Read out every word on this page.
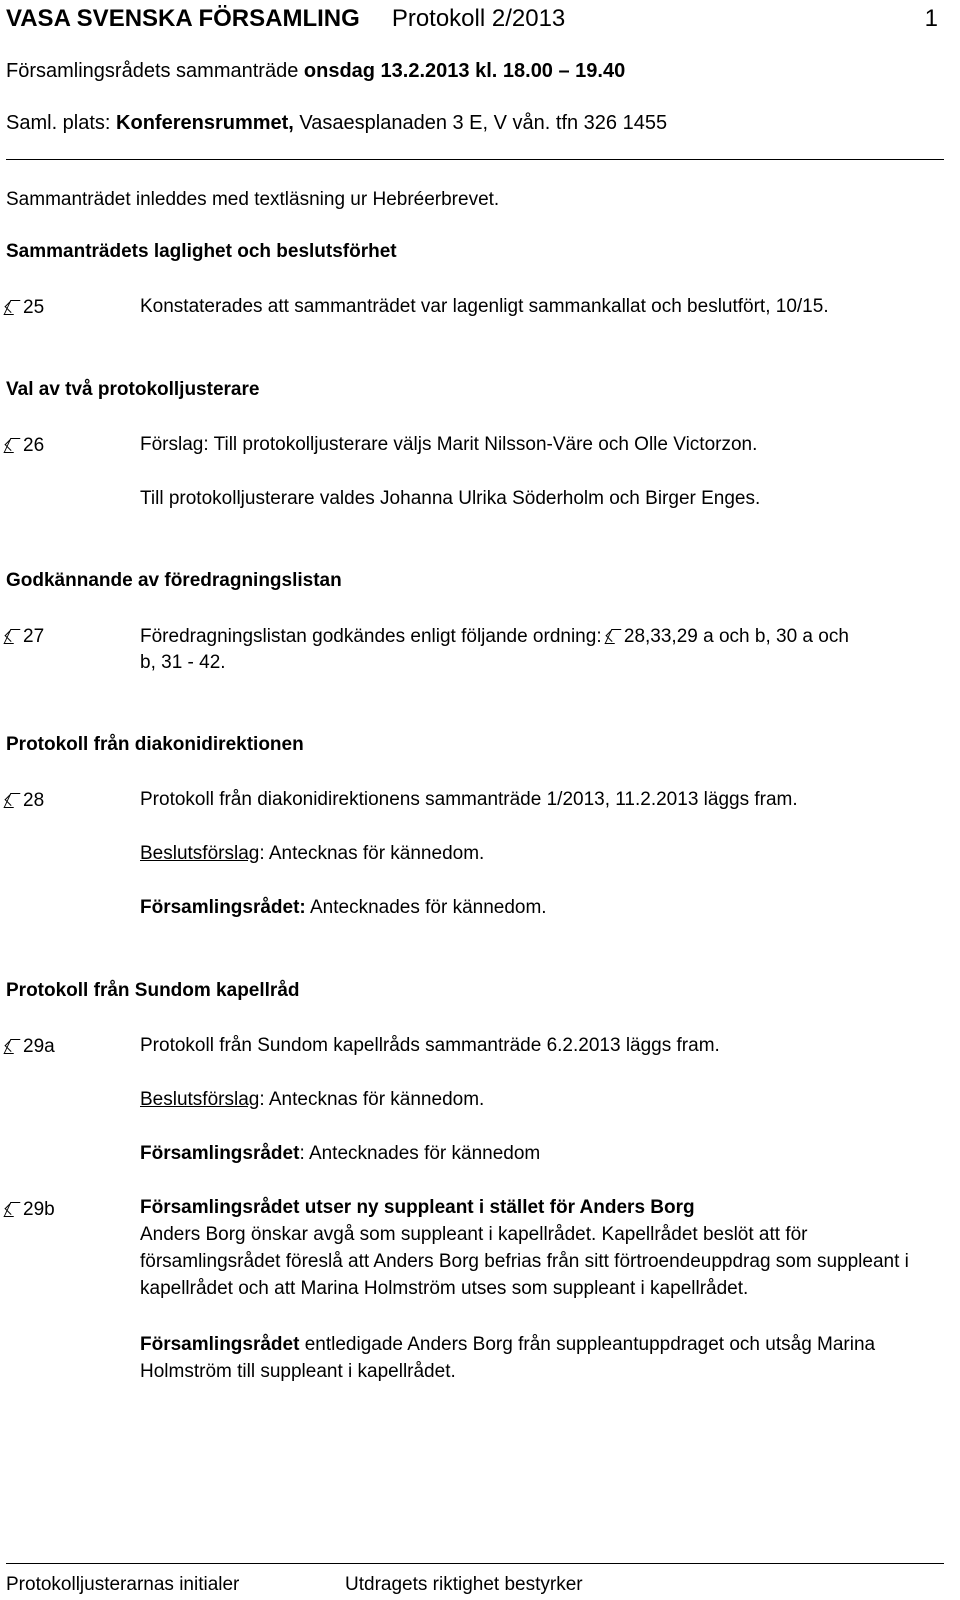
VASA SVENSKA FÖRSAMLING Protokoll 2/2013	1
Församlingsrådets sammanträde onsdag 13.2.2013 kl. 18.00 – 19.40
Saml. plats: Konferensrummet, Vasaesplanaden 3 E, V vån. tfn 326 1455
Sammanträdet inleddes med textläsning ur Hebréerbrevet.
Sammanträdets laglighet och beslutsförhet
25	Konstaterades att sammanträdet var lagenligt sammankallat och beslutfört, 10/15.
Val av två protokolljusterare
26	Förslag: Till protokolljusterare väljs Marit Nilsson-Väre och Olle Victorzon.
Till protokolljusterare valdes Johanna Ulrika Söderholm och Birger Enges.
Godkännande av föredragningslistan
27	Föredragningslistan godkändes enligt följande ordning: 28,33,29 a och b, 30 a och
b, 31 - 42.
Protokoll från diakonidirektionen
28	Protokoll från diakonidirektionens sammanträde 1/2013, 11.2.2013 läggs fram.
Beslutsförslag: Antecknas för kännedom.
Församlingsrådet: Antecknades för kännedom.
Protokoll från Sundom kapellråd
29a	Protokoll från Sundom kapellråds sammanträde 6.2.2013 läggs fram.
Beslutsförslag: Antecknas för kännedom.
Församlingsrådet: Antecknades för kännedom
29b	Församlingsrådet utser ny suppleant i stället för Anders Borg
Anders Borg önskar avgå som suppleant i kapellrådet. Kapellrådet beslöt att för församlingsrådet föreslå att Anders Borg befrias från sitt förtroendeuppdrag som suppleant i kapellrådet och att Marina Holmström utses som suppleant i kapellrådet.
Församlingsrådet entledigade Anders Borg från suppleantuppdraget och utsåg Marina Holmström till suppleant i kapellrådet.
Protokolljusterarnas initialer	Utdragets riktighet bestyrker
